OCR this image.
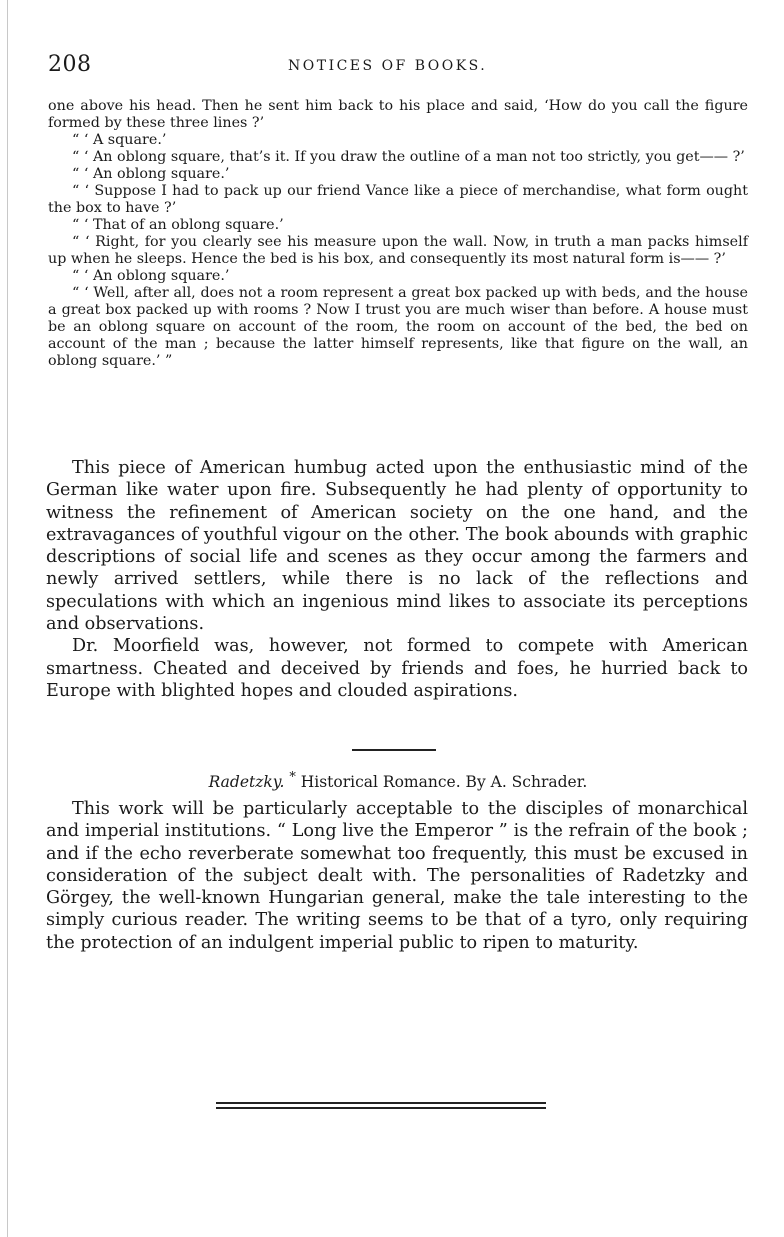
208	NOTICES OF BOOKS.

one above his head. Then he sent him back to his place and said, ‘How do you call the figure formed by these three lines ?’

“ ‘ A square.’

“ ‘ An oblong square, that’s it. If you draw the outline of a man not too strictly, you get—— ?’

“ ‘ An oblong square.’

“ ‘ Suppose I had to pack up our friend Vance like a piece of merchandise, what form ought the box to have ?’

“ ‘ That of an oblong square.’

“ ‘ Right, for you clearly see his measure upon the wall. Now, in truth a man packs himself up when he sleeps. Hence the bed is his box, and consequently its most natural form is—— ?’

“ ‘ An oblong square.’

“ ‘ Well, after all, does not a room represent a great box packed up with beds, and the house a great box packed up with rooms ? Now I trust you are much wiser than before. A house must be an oblong square on account of the room, the room on account of the bed, the bed on account of the man ; because the latter himself represents, like that figure on the wall, an oblong square.’ ”

This piece of American humbug acted upon the enthusiastic mind of the German like water upon fire. Subsequently he had plenty of opportunity to witness the refinement of American society on the one hand, and the extravagances of youthful vigour on the other. The book abounds with graphic descriptions of social life and scenes as they occur among the farmers and newly arrived settlers, while there is no lack of the reflections and speculations with which an ingenious mind likes to associate its perceptions and observations.

Dr. Moorfield was, however, not formed to compete with American smartness. Cheated and deceived by friends and foes, he hurried back to Europe with blighted hopes and clouded aspirations.

Radetzky. * Historical Romance. By A. Schrader.

This work will be particularly acceptable to the disciples of monarchical and imperial institutions. “ Long live the Emperor ” is the refrain of the book ; and if the echo reverberate somewhat too frequently, this must be excused in consideration of the subject dealt with. The personalities of Radetzky and Görgey, the well-known Hungarian general, make the tale interesting to the simply curious reader. The writing seems to be that of a tyro, only requiring the protection of an indulgent imperial public to ripen to maturity.
